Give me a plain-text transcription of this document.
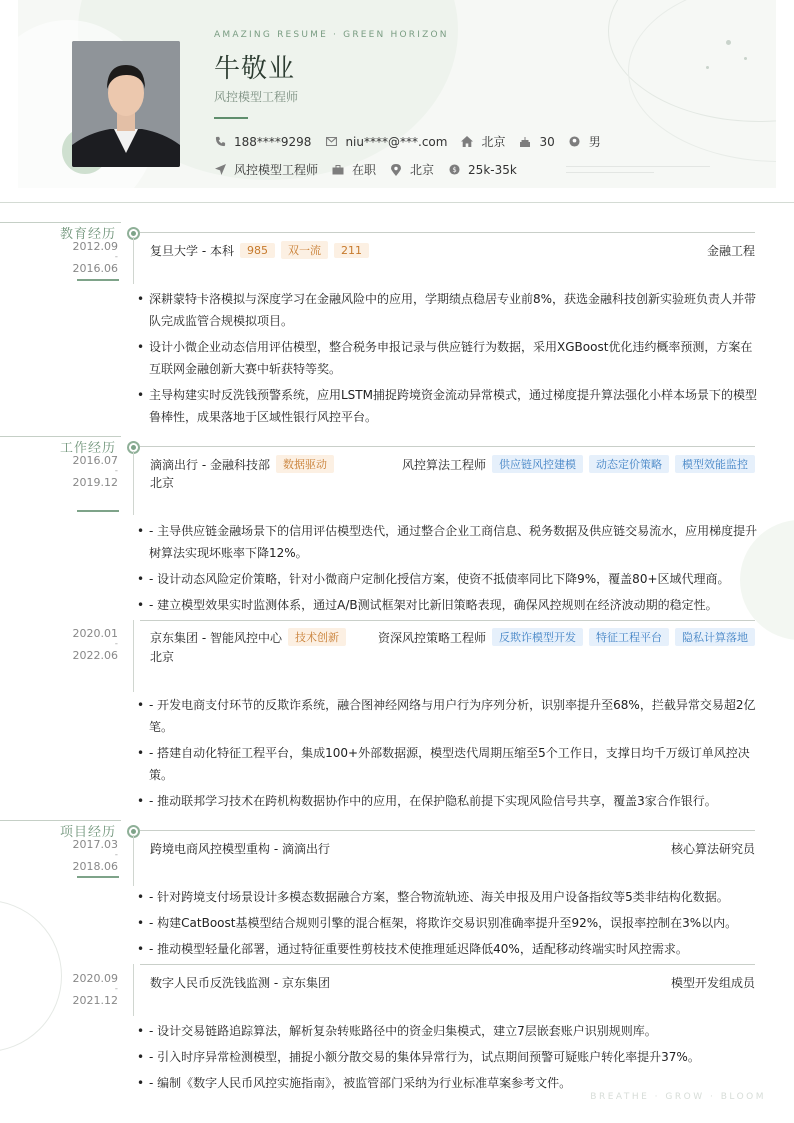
AMAZING RESUME · GREEN HORIZON
牛敬业
风控模型工程师
188****9298	niu****@***.com	北京	30	男
风控模型工程师	在职	北京 $ 25k-35k
教育经历
2012.09
-
2016.06
复旦大学 - 本科	985	双一流	211	金融工程
• 深耕蒙特卡洛模拟与深度学习在金融风险中的应用，学期绩点稳居专业前8%，获选金融科技创新实验班负责人并带队完成监管合规模拟项目。
• 设计小微企业动态信用评估模型，整合税务申报记录与供应链行为数据，采用XGBoost优化违约概率预测，方案在互联网金融创新大赛中斩获特等奖。
• 主导构建实时反洗钱预警系统，应用LSTM捕捉跨境资金流动异常模式，通过梯度提升算法强化小样本场景下的模型鲁棒性，成果落地于区域性银行风控平台。
工作经历
2016.07
-
2019.12
滴滴出行 - 金融科技部	数据驱动	风控算法工程师	供应链风控建模	动态定价策略	模型效能监控
北京
• - 主导供应链金融场景下的信用评估模型迭代，通过整合企业工商信息、税务数据及供应链交易流水，应用梯度提升树算法实现坏账率下降12%。
• - 设计动态风险定价策略，针对小微商户定制化授信方案，使资不抵债率同比下降9%，覆盖80+区域代理商。
• - 建立模型效果实时监测体系，通过A/B测试框架对比新旧策略表现，确保风控规则在经济波动期的稳定性。
2020.01
-
2022.06
京东集团 - 智能风控中心	技术创新	资深风控策略工程师	反欺诈模型开发	特征工程平台	隐私计算落地
北京
• - 开发电商支付环节的反欺诈系统，融合图神经网络与用户行为序列分析，识别率提升至68%，拦截异常交易超2亿笔。
• - 搭建自动化特征工程平台，集成100+外部数据源，模型迭代周期压缩至5个工作日，支撑日均千万级订单风控决策。
• - 推动联邦学习技术在跨机构数据协作中的应用，在保护隐私前提下实现风险信号共享，覆盖3家合作银行。
项目经历
2017.03
-
2018.06
跨境电商风控模型重构 - 滴滴出行	核心算法研究员
• - 针对跨境支付场景设计多模态数据融合方案，整合物流轨迹、海关申报及用户设备指纹等5类非结构化数据。
• - 构建CatBoost基模型结合规则引擎的混合框架，将欺诈交易识别准确率提升至92%，误报率控制在3%以内。
• - 推动模型轻量化部署，通过特征重要性剪枝技术使推理延迟降低40%，适配移动终端实时风控需求。
2020.09
-
2021.12
数字人民币反洗钱监测 - 京东集团	模型开发组成员
• - 设计交易链路追踪算法，解析复杂转账路径中的资金归集模式，建立7层嵌套账户识别规则库。
• - 引入时序异常检测模型，捕捉小额分散交易的集体异常行为，试点期间预警可疑账户转化率提升37%。
• - 编制《数字人民币风控实施指南》，被监管部门采纳为行业标准草案参考文件。
BREATHE · GROW · BLOOM
